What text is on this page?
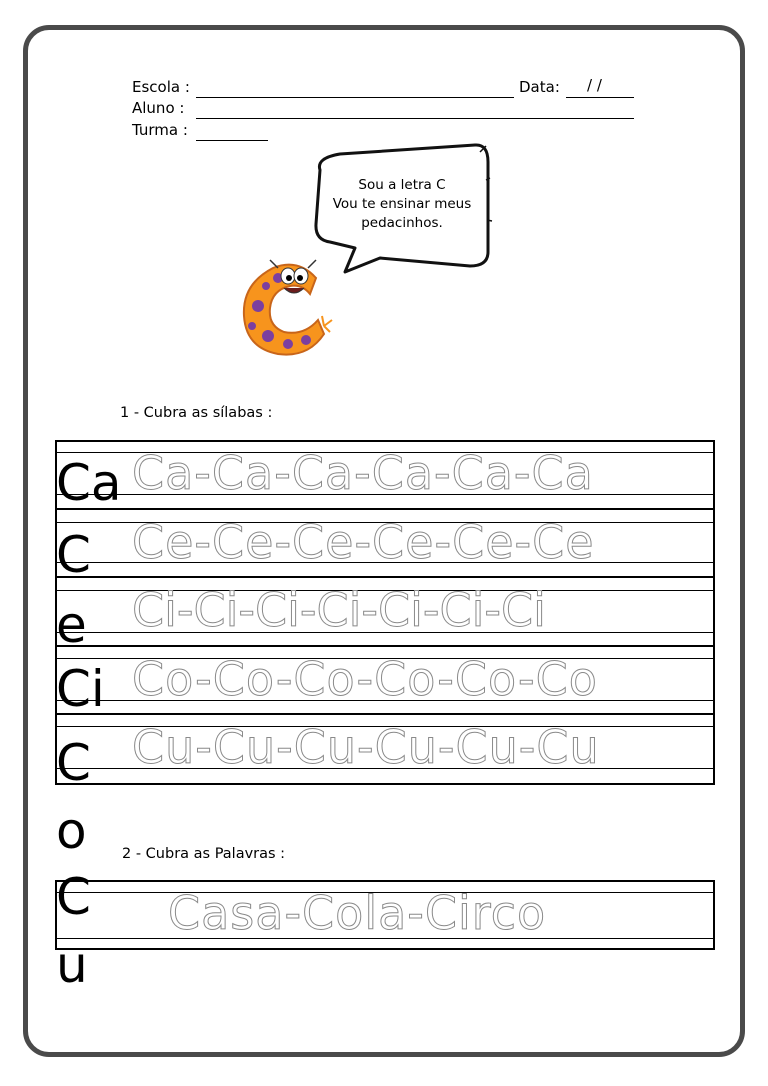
Escola :	Data: / /
Aluno :
Turma :
Sou a letra C
Vou te ensinar meus
pedacinhos.
1 - Cubra as sílabas :
Ca-Ca-Ca-Ca-Ca-Ca
Ce-Ce-Ce-Ce-Ce-Ce
Ci-Ci-Ci-Ci-Ci-Ci-Ci
Co-Co-Co-Co-Co-Co
Cu-Cu-Cu-Cu-Cu-Cu
2 - Cubra as Palavras :
Casa-Cola-Circo
Ca
C
e
Ci
C
o
C
u
